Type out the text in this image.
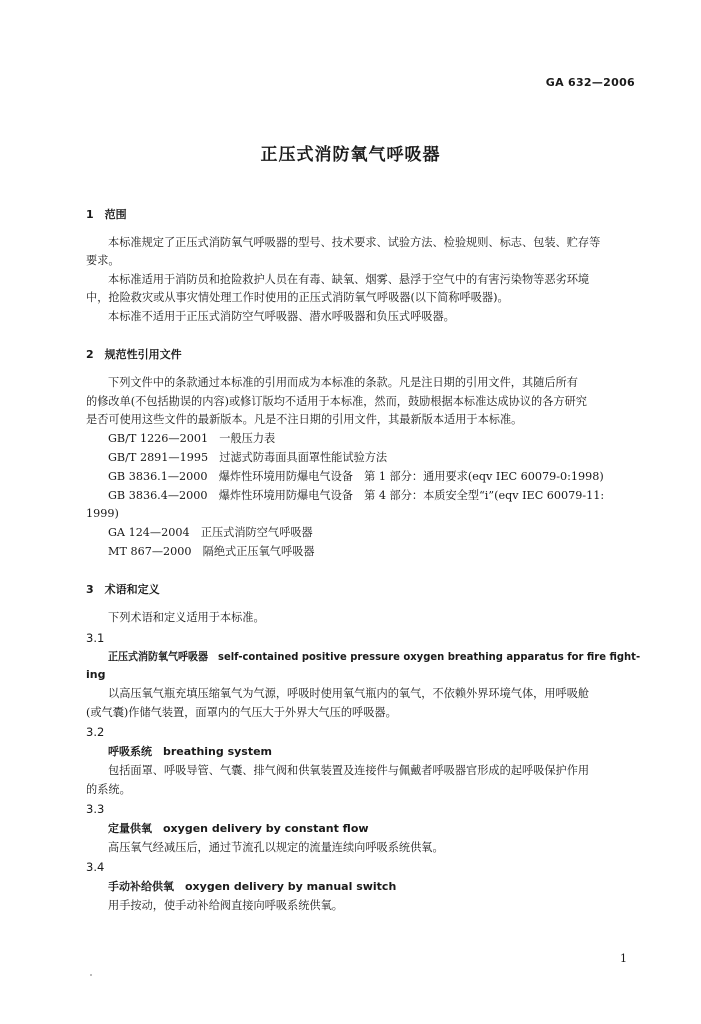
GA 632—2006
正压式消防氧气呼吸器
1　范围
本标准规定了正压式消防氧气呼吸器的型号、技术要求、试验方法、检验规则、标志、包装、贮存等
要求。
本标准适用于消防员和抢险救护人员在有毒、缺氧、烟雾、悬浮于空气中的有害污染物等恶劣环境
中，抢险救灾或从事灾情处理工作时使用的正压式消防氧气呼吸器(以下简称呼吸器)。
本标准不适用于正压式消防空气呼吸器、潜水呼吸器和负压式呼吸器。
2　规范性引用文件
下列文件中的条款通过本标准的引用而成为本标准的条款。凡是注日期的引用文件，其随后所有
的修改单(不包括勘误的内容)或修订版均不适用于本标准，然而，鼓励根据本标准达成协议的各方研究
是否可使用这些文件的最新版本。凡是不注日期的引用文件，其最新版本适用于本标准。
GB/T 1226—2001　一般压力表
GB/T 2891—1995　过滤式防毒面具面罩性能试验方法
GB 3836.1—2000　爆炸性环境用防爆电气设备　第 1 部分：通用要求(eqv IEC 60079-0:1998)
GB 3836.4—2000　爆炸性环境用防爆电气设备　第 4 部分：本质安全型“i”(eqv IEC 60079-11:
1999)
GA 124—2004　正压式消防空气呼吸器
MT 867—2000　隔绝式正压氧气呼吸器
3　术语和定义
下列术语和定义适用于本标准。
3.1
正压式消防氧气呼吸器　self-contained positive pressure oxygen breathing apparatus for fire fight-
ing
以高压氧气瓶充填压缩氧气为气源，呼吸时使用氧气瓶内的氧气，不依赖外界环境气体，用呼吸舱
(或气囊)作储气装置，面罩内的气压大于外界大气压的呼吸器。
3.2
呼吸系统　breathing system
包括面罩、呼吸导管、气囊、排气阀和供氧装置及连接件与佩戴者呼吸器官形成的起呼吸保护作用
的系统。
3.3
定量供氧　oxygen delivery by constant flow
高压氧气经减压后，通过节流孔以规定的流量连续向呼吸系统供氧。
3.4
手动补给供氧　oxygen delivery by manual switch
用手按动，使手动补给阀直接向呼吸系统供氧。
1
